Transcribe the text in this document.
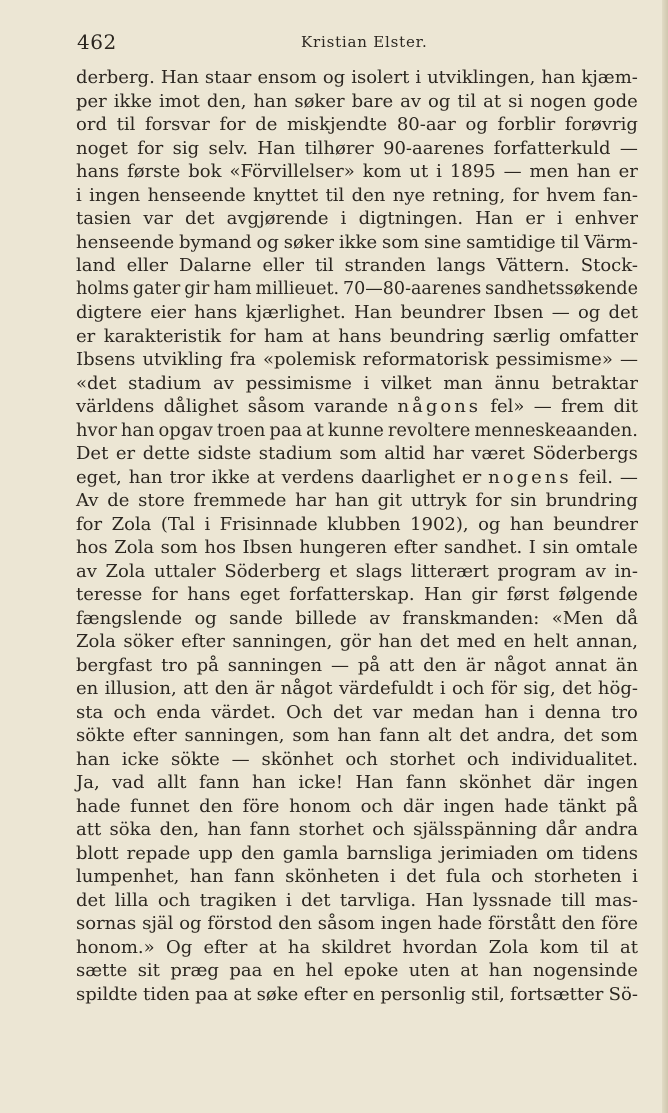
462	Kristian Elster.
derberg. Han staar ensom og isolert i utviklingen, han kjæm-
per ikke imot den, han søker bare av og til at si nogen gode
ord til forsvar for de miskjendte 80-aar og forblir forøvrig
noget for sig selv. Han tilhører 90-aarenes forfatterkuld —
hans første bok «Förvillelser» kom ut i 1895 — men han er
i ingen henseende knyttet til den nye retning, for hvem fan-
tasien var det avgjørende i digtningen. Han er i enhver
henseende bymand og søker ikke som sine samtidige til Värm-
land eller Dalarne eller til stranden langs Vättern. Stock-
holms gater gir ham millieuet. 70—80-aarenes sandhetssøkende
digtere eier hans kjærlighet. Han beundrer Ibsen — og det
er karakteristik for ham at hans beundring særlig omfatter
Ibsens utvikling fra «polemisk reformatorisk pessimisme» —
«det stadium av pessimisme i vilket man ännu betraktar
världens dålighet såsom varande någons fel» — frem dit
hvor han opgav troen paa at kunne revoltere menneskeaanden.
Det er dette sidste stadium som altid har været Söderbergs
eget, han tror ikke at verdens daarlighet er nogens feil. —
Av de store fremmede har han git uttryk for sin brundring
for Zola (Tal i Frisinnade klubben 1902), og han beundrer
hos Zola som hos Ibsen hungeren efter sandhet. I sin omtale
av Zola uttaler Söderberg et slags litterært program av in-
teresse for hans eget forfatterskap. Han gir først følgende
fængslende og sande billede av franskmanden: «Men då
Zola söker efter sanningen, gör han det med en helt annan,
bergfast tro på sanningen — på att den är något annat än
en illusion, att den är något värdefuldt i och för sig, det hög-
sta och enda värdet. Och det var medan han i denna tro
sökte efter sanningen, som han fann alt det andra, det som
han icke sökte — skönhet och storhet och individualitet.
Ja, vad allt fann han icke! Han fann skönhet där ingen
hade funnet den före honom och där ingen hade tänkt på
att söka den, han fann storhet och själsspänning dår andra
blott repade upp den gamla barnsliga jerimiaden om tidens
lumpenhet, han fann skönheten i det fula och storheten i
det lilla och tragiken i det tarvliga. Han lyssnade till mas-
sornas själ og förstod den såsom ingen hade förstått den före
honom.» Og efter at ha skildret hvordan Zola kom til at
sætte sit præg paa en hel epoke uten at han nogensinde
spildte tiden paa at søke efter en personlig stil, fortsætter Sö-
